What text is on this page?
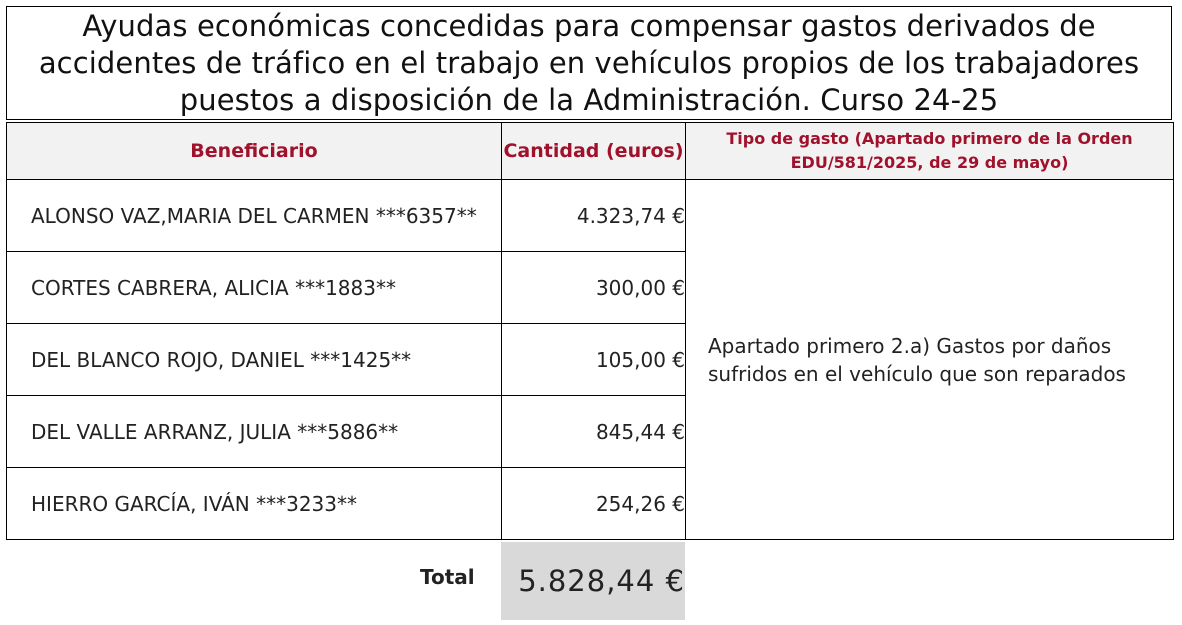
Ayudas económicas concedidas para compensar gastos derivados de accidentes de tráfico en el trabajo en vehículos propios de los trabajadores puestos a disposición de la Administración. Curso 24-25
Beneficiario	Cantidad (euros)	Tipo de gasto (Apartado primero de la Orden EDU/581/2025, de 29 de mayo)
ALONSO VAZ,MARIA DEL CARMEN ***6357**	4.323,74 €	Apartado primero 2.a) Gastos por daños sufridos en el vehículo que son reparados
CORTES CABRERA, ALICIA ***1883**	300,00 €	
DEL BLANCO ROJO, DANIEL ***1425**	105,00 €	
DEL VALLE ARRANZ, JULIA ***5886**	845,44 €	
HIERRO GARCÍA, IVÁN ***3233**	254,26 €	
Total	5.828,44 €
